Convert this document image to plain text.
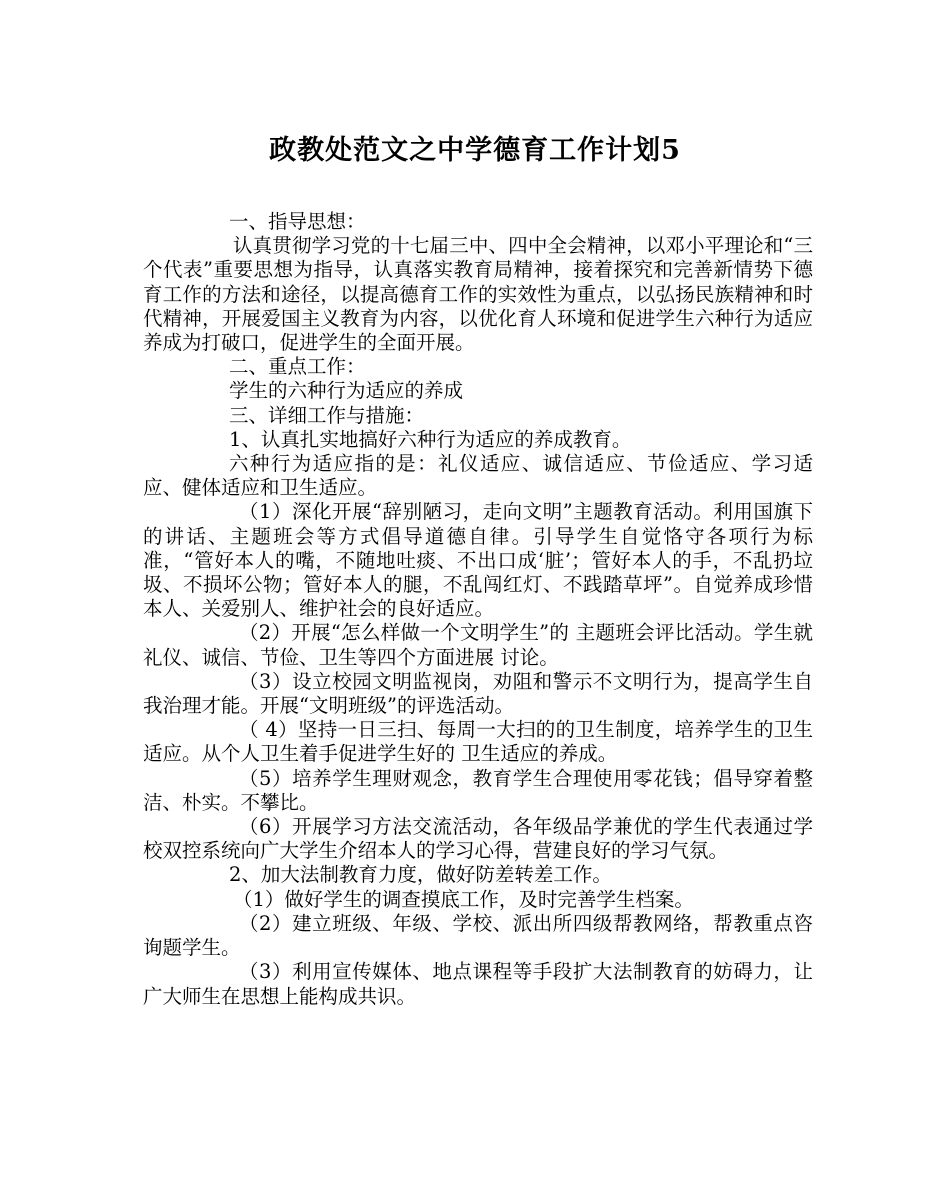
政教处范文之中学德育工作计划5

一、指导思想：

认真贯彻学习党的十七届三中、四中全会精神，以邓小平理论和“三个代表”重要思想为指导，认真落实教育局精神，接着探究和完善新情势下德育工作的方法和途径，以提高德育工作的实效性为重点，以弘扬民族精神和时代精神，开展爱国主义教育为内容，以优化育人环境和促进学生六种行为适应养成为打破口，促进学生的全面开展。

二、重点工作：

学生的六种行为适应的养成

三、详细工作与措施：

1、认真扎实地搞好六种行为适应的养成教育。

六种行为适应指的是：礼仪适应、诚信适应、节俭适应、学习适应、健体适应和卫生适应。

（1）深化开展“辞别陋习，走向文明”主题教育活动。利用国旗下的讲话、主题班会等方式倡导道德自律。引导学生自觉恪守各项行为标准，“管好本人的嘴，不随地吐痰、不出口成‘脏’；管好本人的手，不乱扔垃圾、不损坏公物；管好本人的腿，不乱闯红灯、不践踏草坪”。自觉养成珍惜本人、关爱别人、维护社会的良好适应。

（2）开展“怎么样做一个文明学生”的 主题班会评比活动。学生就礼仪、诚信、节俭、卫生等四个方面进展 讨论。

（3）设立校园文明监视岗，劝阻和警示不文明行为，提高学生自我治理才能。开展“文明班级”的评选活动。

（ 4）坚持一日三扫、每周一大扫的的卫生制度，培养学生的卫生适应。从个人卫生着手促进学生好的 卫生适应的养成。

（5）培养学生理财观念，教育学生合理使用零花钱；倡导穿着整洁、朴实。不攀比。

（6）开展学习方法交流活动，各年级品学兼优的学生代表通过学校双控系统向广大学生介绍本人的学习心得，营建良好的学习气氛。

2、加大法制教育力度，做好防差转差工作。

（1）做好学生的调查摸底工作，及时完善学生档案。

（2）建立班级、年级、学校、派出所四级帮教网络，帮教重点咨询题学生。

（3）利用宣传媒体、地点课程等手段扩大法制教育的妨碍力，让广大师生在思想上能构成共识。
